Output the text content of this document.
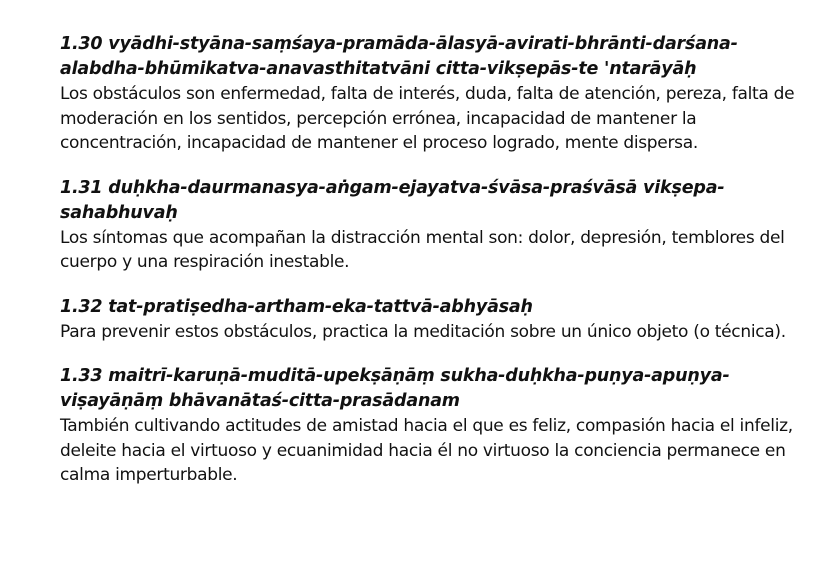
1.30 vyādhi-styāna-saṃśaya-pramāda-ālasyā-avirati-bhrānti-darśana-alabdha-bhūmikatva-anavasthitatvāni citta-vikṣepās-te 'ntarāyāḥ

Los obstáculos son enfermedad, falta de interés, duda, falta de atención, pereza, falta de moderación en los sentidos, percepción errónea, incapacidad de mantener la concentración, incapacidad de mantener el proceso logrado, mente dispersa.

1.31 duḥkha-daurmanasya-aṅgam-ejayatva-śvāsa-praśvāsā vikṣepa-sahabhuvaḥ

Los síntomas que acompañan la distracción mental son: dolor, depresión, temblores del cuerpo y una respiración inestable.

1.32 tat-pratiṣedha-artham-eka-tattvā-abhyāsaḥ

Para prevenir estos obstáculos, practica la meditación sobre un único objeto (o técnica).

1.33 maitrī-karuṇā-muditā-upekṣāṇāṃ sukha-duḥkha-puṇya-apuṇya-viṣayāṇāṃ bhāvanātaś-citta-prasādanam

También cultivando actitudes de amistad hacia el que es feliz, compasión hacia el infeliz, deleite hacia el virtuoso y ecuanimidad hacia él no virtuoso la conciencia permanece en calma imperturbable.
